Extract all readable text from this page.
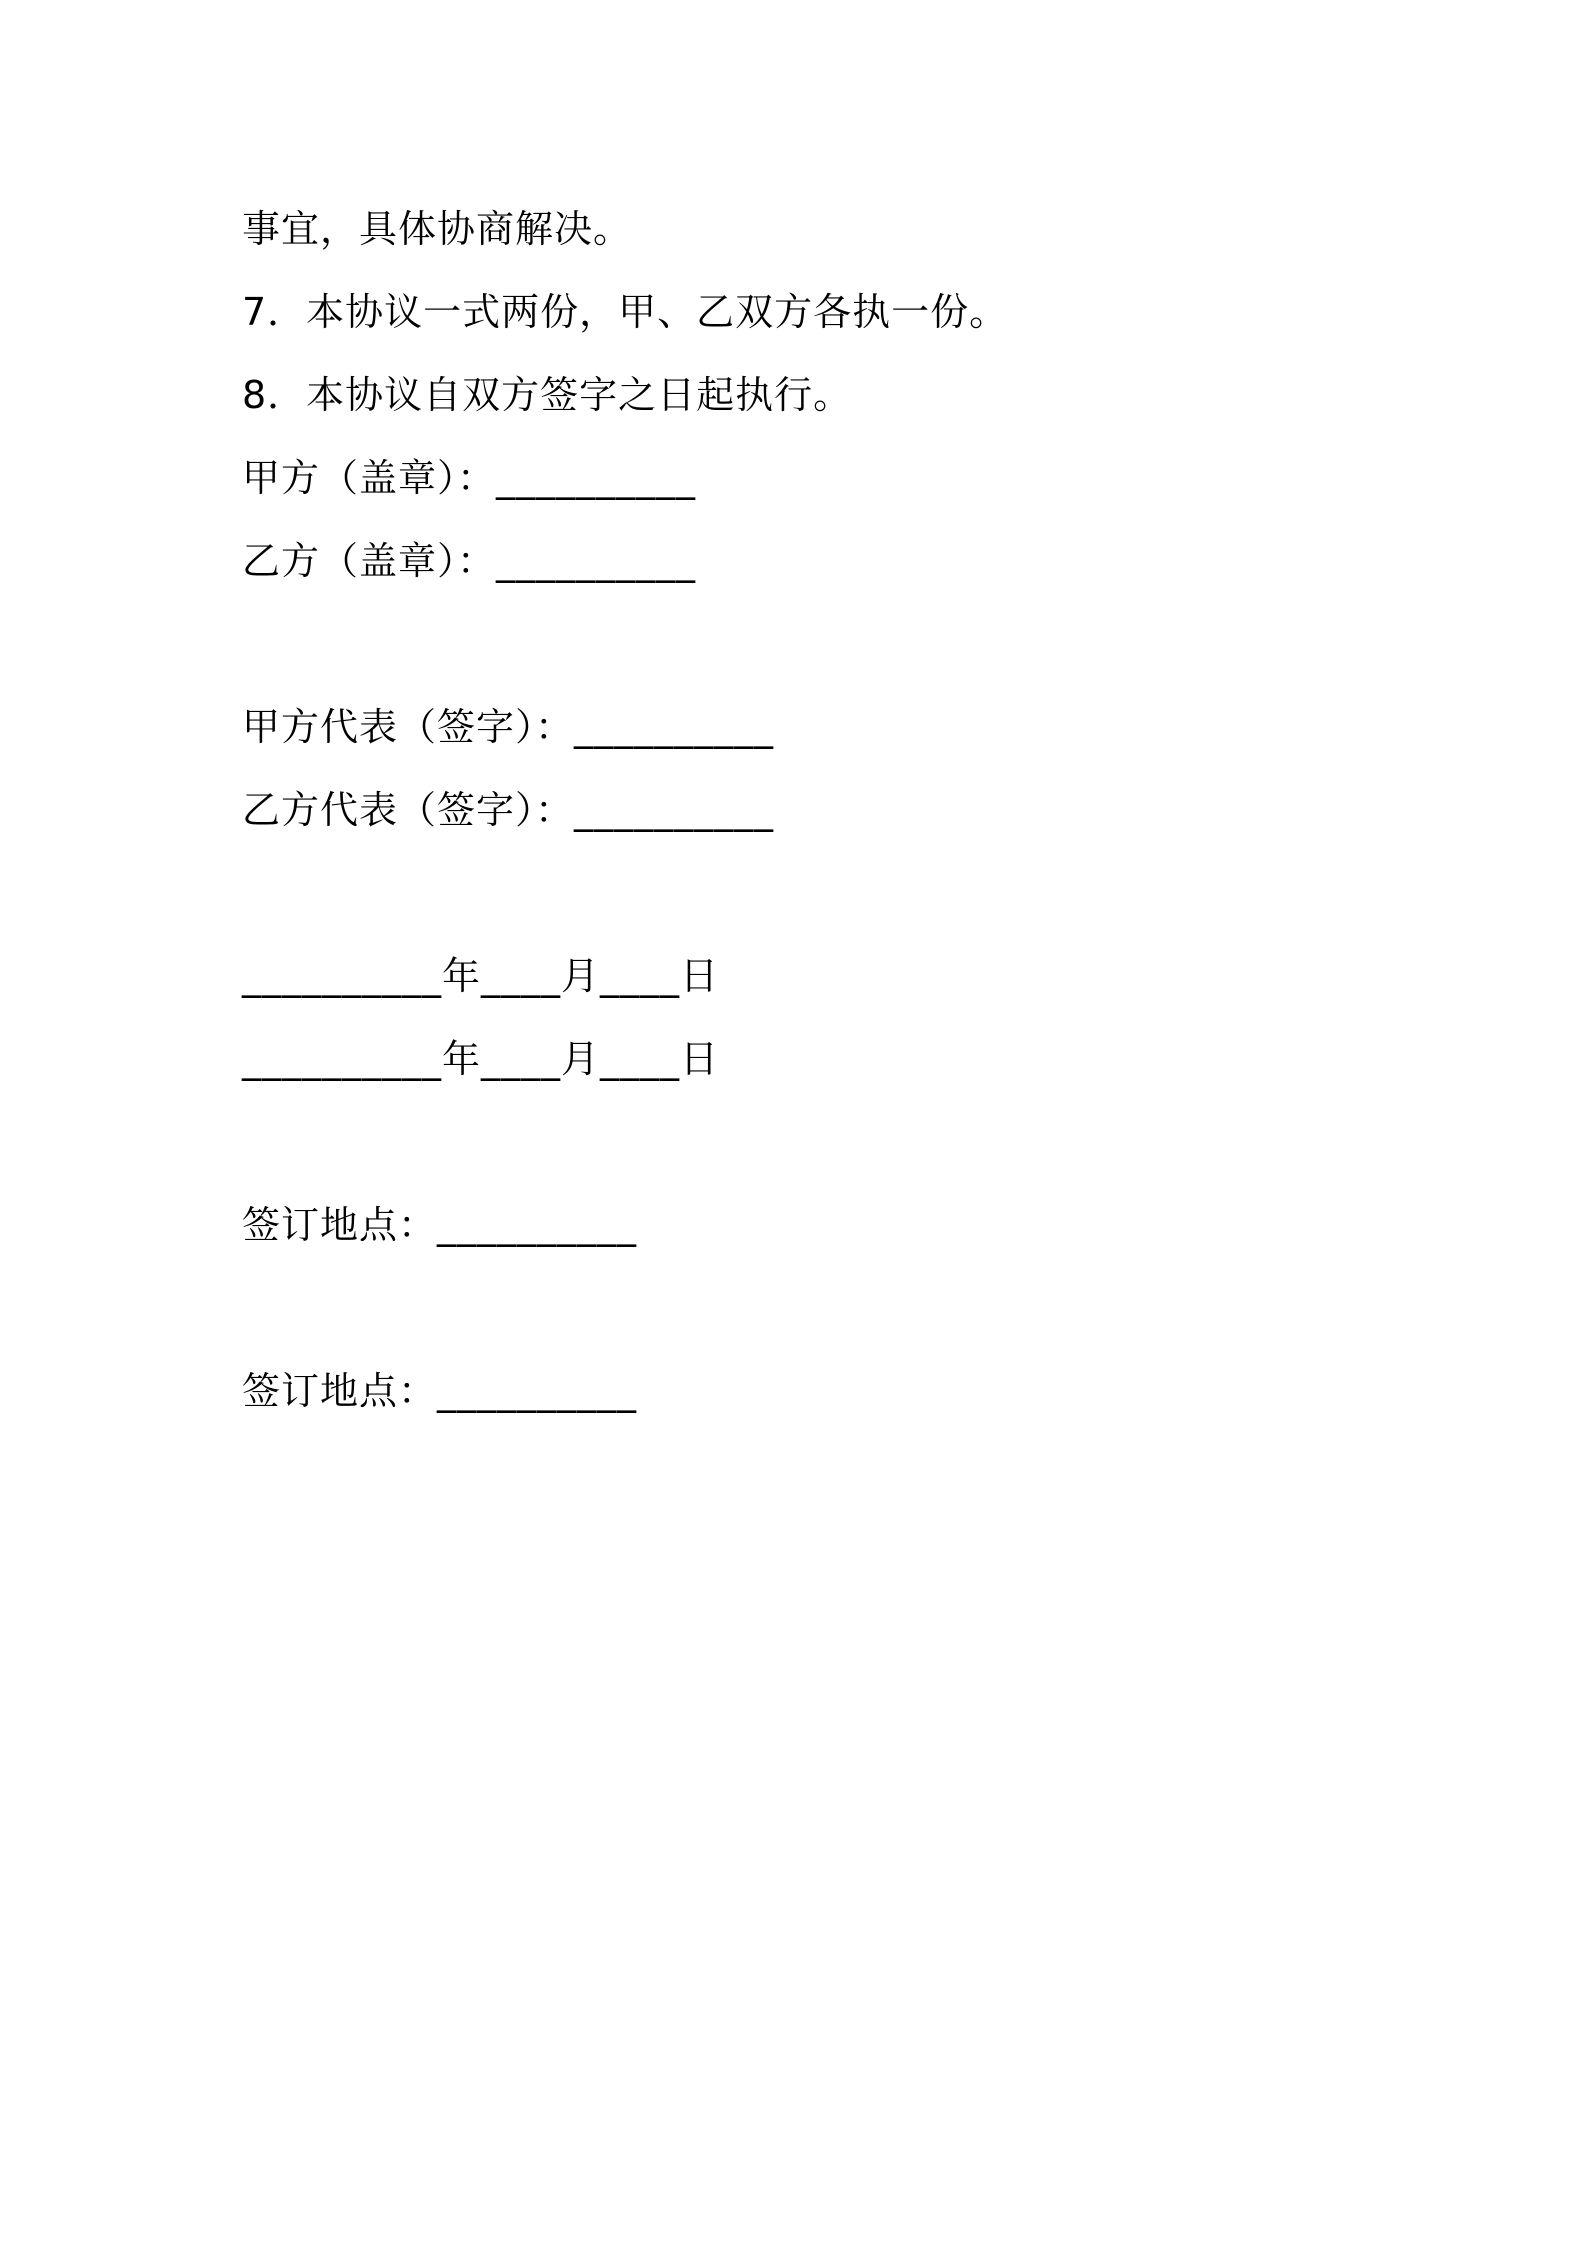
事宜，具体协商解决。
7．本协议一式两份，甲、乙双方各执一份。
8．本协议自双方签字之日起执行。
甲方（盖章）：__________
乙方（盖章）：__________
甲方代表（签字）：__________
乙方代表（签字）：__________
__________年____月____日
__________年____月____日
签订地点：__________
签订地点：__________
